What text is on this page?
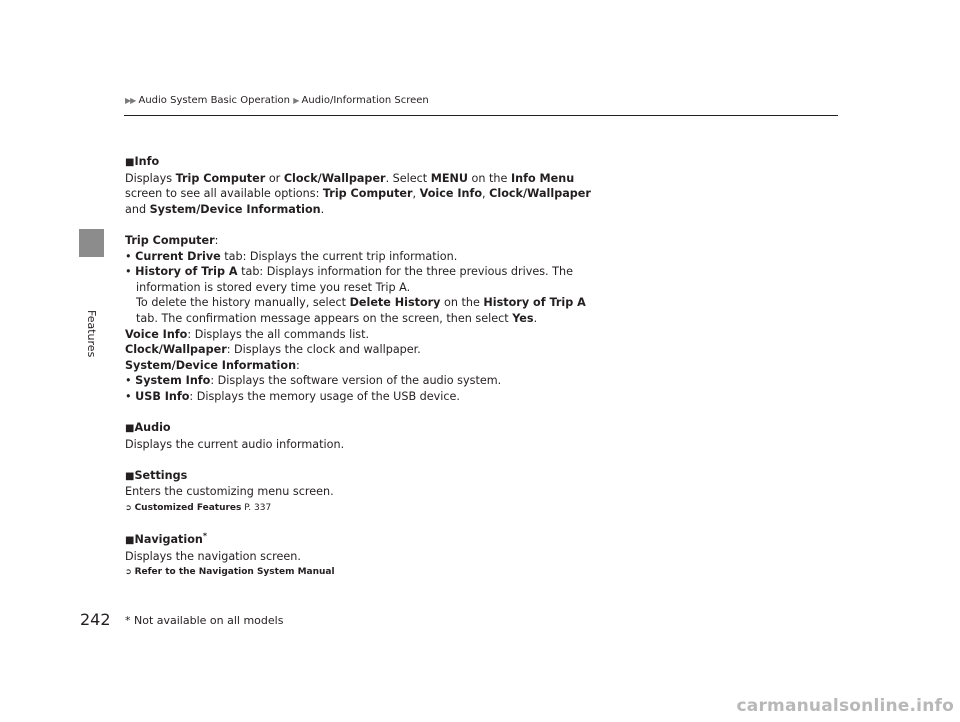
Features
▶▶ Audio System Basic Operation ▶ Audio/Information Screen

■Info

Displays Trip Computer or Clock/Wallpaper. Select MENU on the Info Menu

screen to see all available options: Trip Computer, Voice Info, Clock/Wallpaper

and System/Device Information.

Trip Computer:

• Current Drive tab: Displays the current trip information.

• History of Trip A tab: Displays information for the three previous drives. The

information is stored every time you reset Trip A.

To delete the history manually, select Delete History on the History of Trip A

tab. The confirmation message appears on the screen, then select Yes.

Voice Info: Displays the all commands list.

Clock/Wallpaper: Displays the clock and wallpaper.

System/Device Information:

• System Info: Displays the software version of the audio system.

• USB Info: Displays the memory usage of the USB device.

■Audio

Displays the current audio information.

■Settings

Enters the customizing menu screen.

➲ Customized Features P. 337

■Navigation*

Displays the navigation screen.

➲ Refer to the Navigation System Manual

242 * Not available on all models
carmanualsonline.info
